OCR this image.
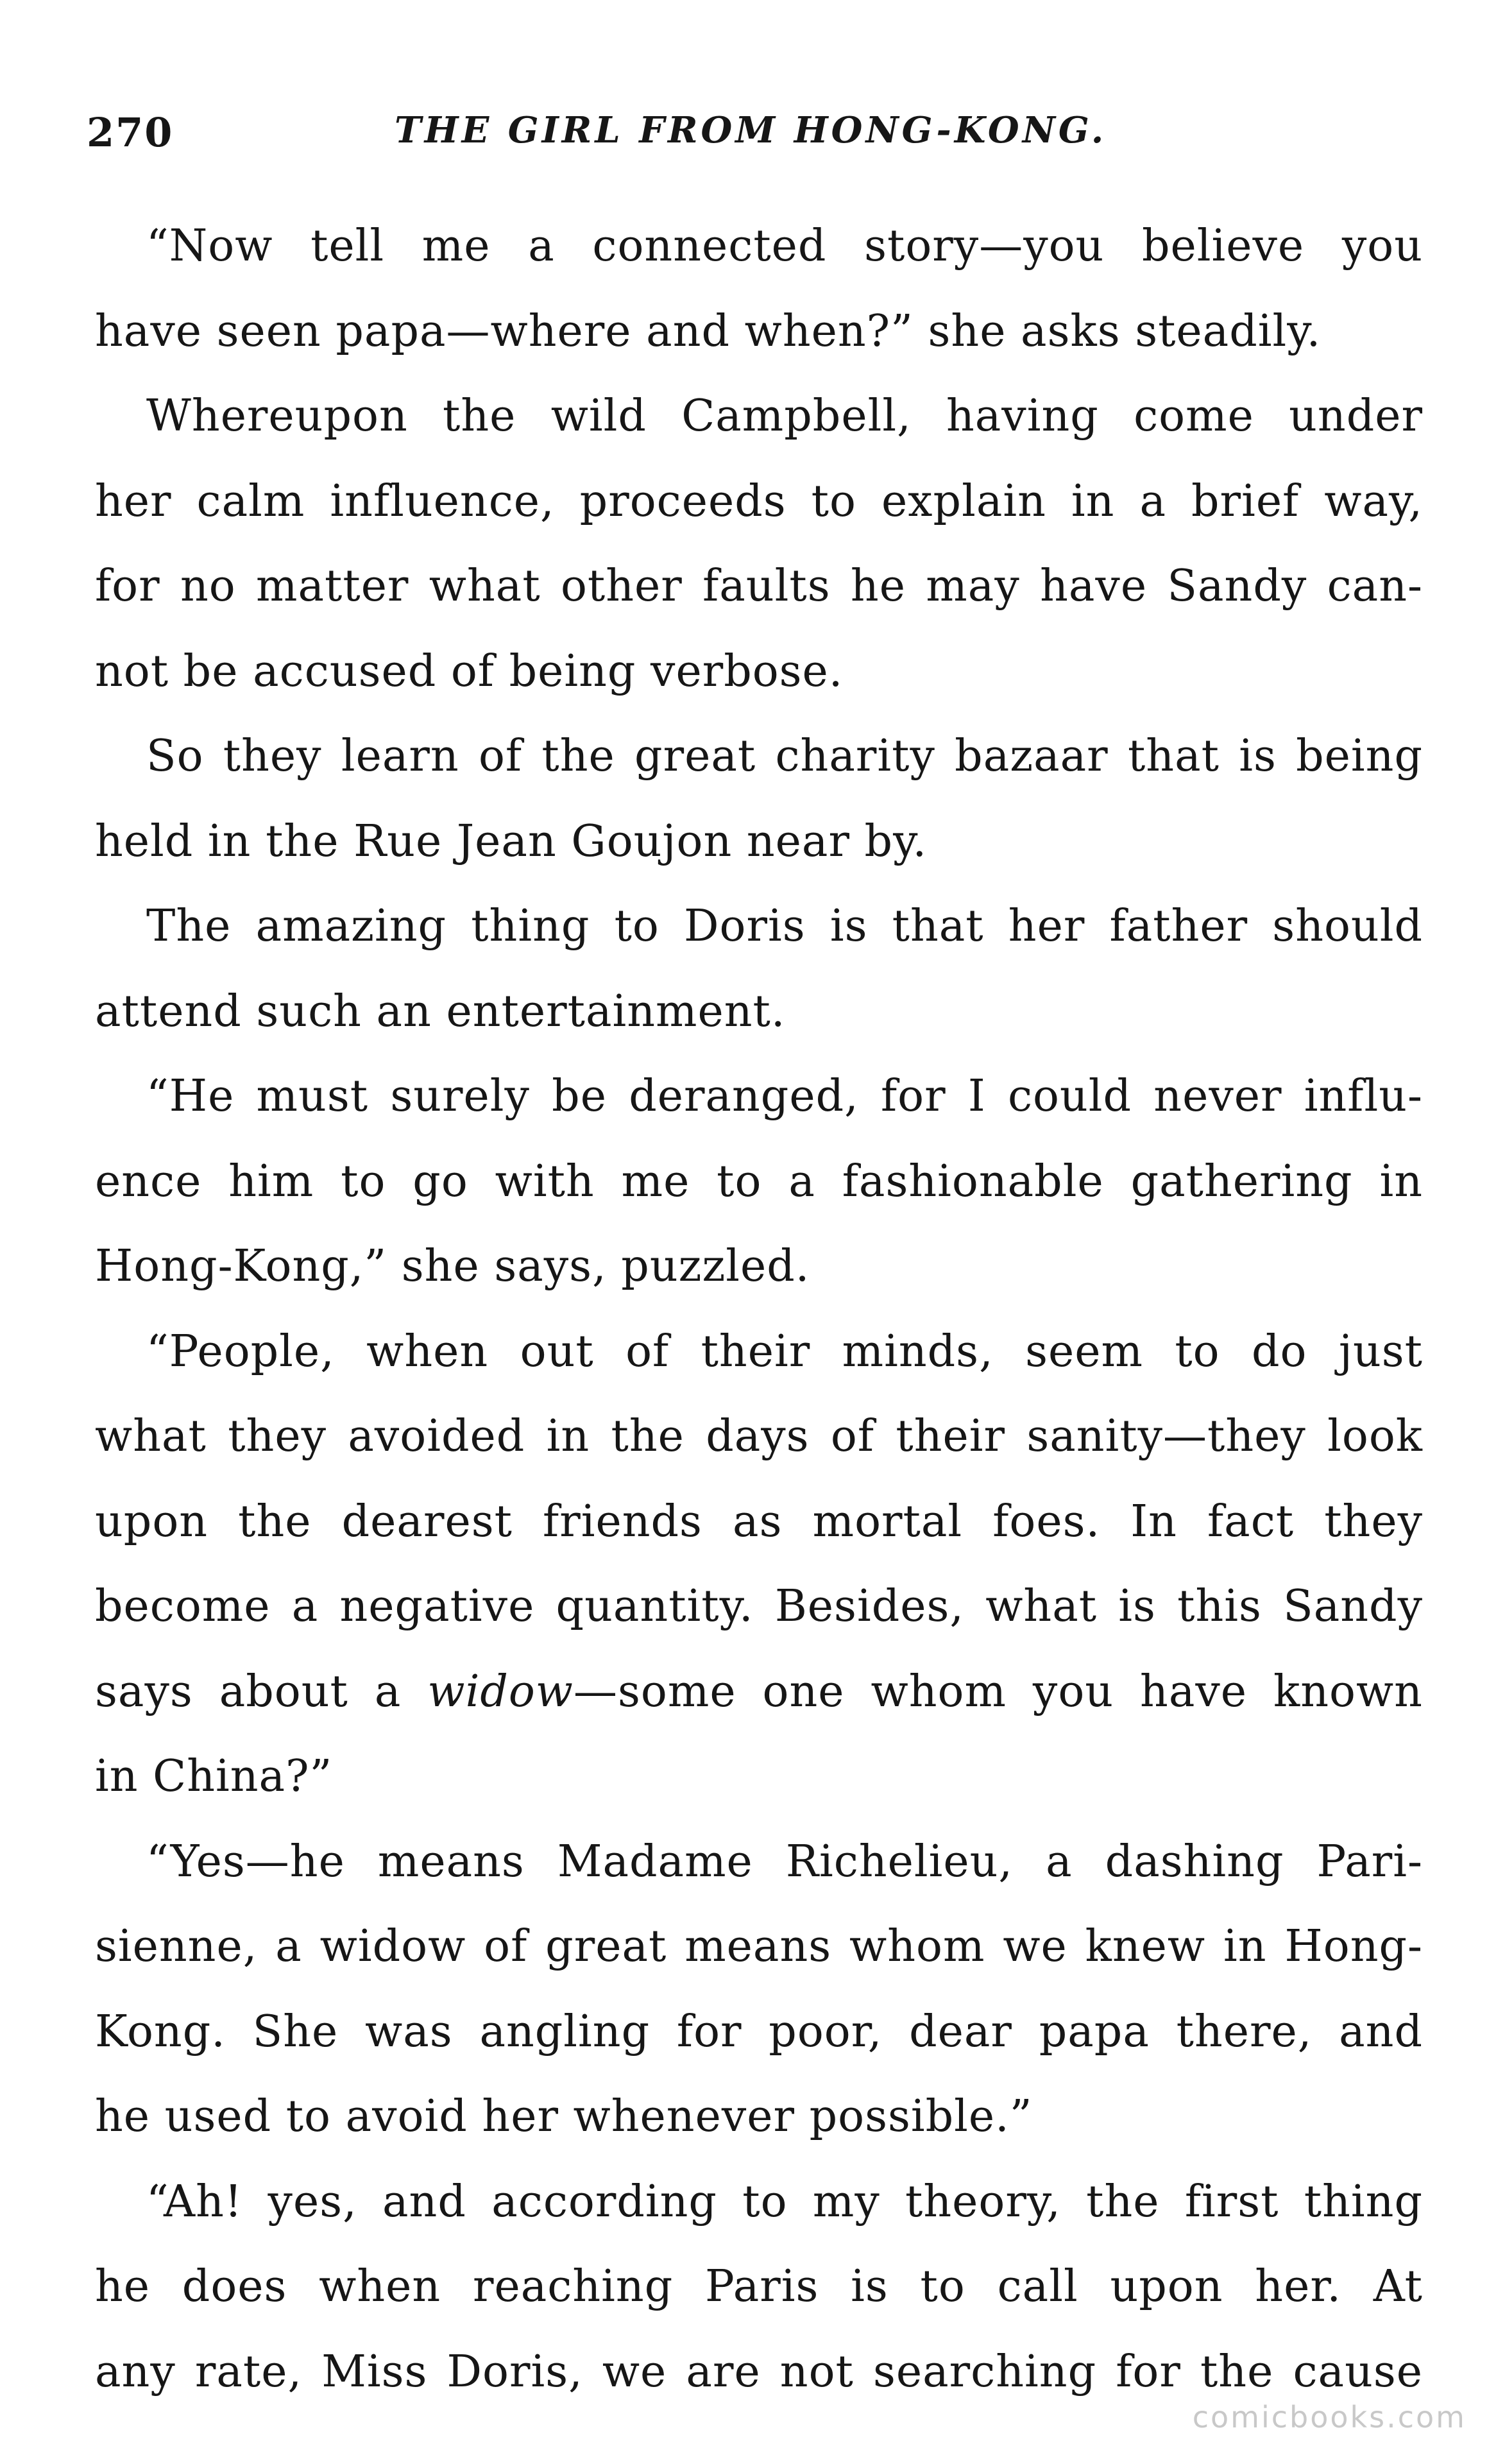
270	THE GIRL FROM HONG-KONG.
“Now tell me a connected story—you believe you
have seen papa—where and when?” she asks steadily.
Whereupon the wild Campbell, having come under
her calm influence, proceeds to explain in a brief way,
for no matter what other faults he may have Sandy can-
not be accused of being verbose.
So they learn of the great charity bazaar that is being
held in the Rue Jean Goujon near by.
The amazing thing to Doris is that her father should
attend such an entertainment.
“He must surely be deranged, for I could never influ-
ence him to go with me to a fashionable gathering in
Hong-Kong,” she says, puzzled.
“People, when out of their minds, seem to do just
what they avoided in the days of their sanity—they look
upon the dearest friends as mortal foes. In fact they
become a negative quantity. Besides, what is this Sandy
says about a widow—some one whom you have known
in China?”
“Yes—he means Madame Richelieu, a dashing Pari-
sienne, a widow of great means whom we knew in Hong-
Kong. She was angling for poor, dear papa there, and
he used to avoid her whenever possible.”
“Ah! yes, and according to my theory, the first thing
he does when reaching Paris is to call upon her. At
any rate, Miss Doris, we are not searching for the cause
comicbooks.com
